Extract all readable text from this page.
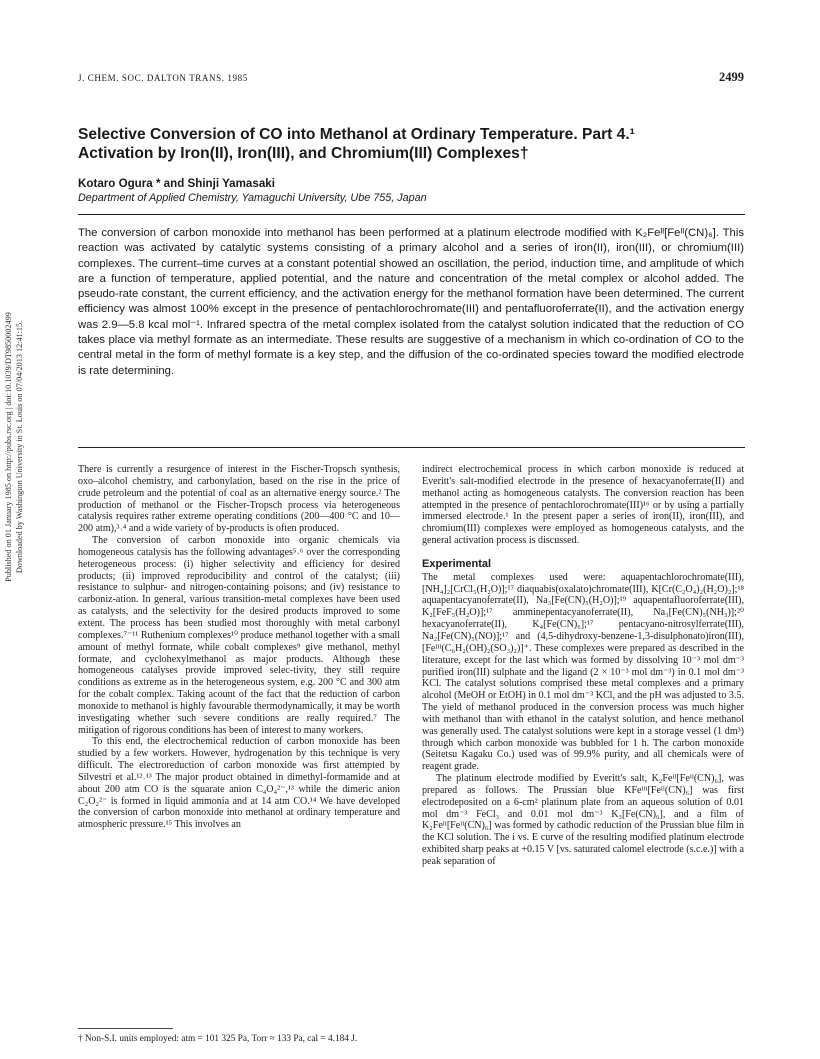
Published on 01 January 1985 on http://pubs.rsc.org | doi:10.1039/DT9850002499 Downloaded by Washington University in St. Louis on 07/04/2013 12:41:15.
J. CHEM. SOC. DALTON TRANS. 1985	2499
Selective Conversion of CO into Methanol at Ordinary Temperature. Part 4.¹
Activation by Iron(II), Iron(III), and Chromium(III) Complexes†
Kotaro Ogura * and Shinji Yamasaki
Department of Applied Chemistry, Yamaguchi University, Ube 755, Japan

The conversion of carbon monoxide into methanol has been performed at a platinum electrode modified with K₂Feᴵᴵ[Feᴵᴵ(CN)₆]. This reaction was activated by catalytic systems consisting of a primary alcohol and a series of iron(II), iron(III), or chromium(III) complexes. The current–time curves at a constant potential showed an oscillation, the period, induction time, and amplitude of which are a function of temperature, applied potential, and the nature and concentration of the metal complex or alcohol added. The pseudo-rate constant, the current efficiency, and the activation energy for the methanol formation have been determined. The current efficiency was almost 100% except in the presence of pentachlorochromate(III) and pentafluoroferrate(II), and the activation energy was 2.9—5.8 kcal mol⁻¹. Infrared spectra of the metal complex isolated from the catalyst solution indicated that the reduction of CO takes place via methyl formate as an intermediate. These results are suggestive of a mechanism in which co-ordination of CO to the central metal in the form of methyl formate is a key step, and the diffusion of the co-ordinated species toward the modified electrode is rate determining.

There is currently a resurgence of interest in the Fischer-Tropsch synthesis, oxo–alcohol chemistry, and carbonylation, based on the rise in the price of crude petroleum and the potential of coal as an alternative energy source.² The production of methanol or the Fischer-Tropsch process via heterogeneous catalysis requires rather extreme operating conditions (200—400 °C and 10—200 atm),³˒⁴ and a wide variety of by-products is often produced.

The conversion of carbon monoxide into organic chemicals via homogeneous catalysis has the following advantages⁵˒⁶ over the corresponding heterogeneous process: (i) higher selectivity and efficiency for desired products; (ii) improved reproducibility and control of the catalyst; (iii) resistance to sulphur- and nitrogen-containing poisons; and (iv) resistance to carboniz-ation. In general, various transition-metal complexes have been used as catalysts, and the selectivity for the desired products improved to some extent. The process has been studied most thoroughly with metal carbonyl complexes.⁷⁻¹¹ Ruthenium complexes¹⁰ produce methanol together with a small amount of methyl formate, while cobalt complexes⁹ give methanol, methyl formate, and cyclohexylmethanol as major products. Although these homogeneous catalyses provide improved selec-tivity, they still require conditions as extreme as in the heterogeneous system, e.g. 200 °C and 300 atm for the cobalt complex. Taking acount of the fact that the reduction of carbon monoxide to methanol is highly favourable thermodynamically, it may be worth investigating whether such severe conditions are really required.⁷ The mitigation of rigorous conditions has been of interest to many workers.

To this end, the electrochemical reduction of carbon monoxide has been studied by a few workers. However, hydrogenation by this technique is very difficult. The electroreduction of carbon monoxide was first attempted by Silvestri et al.¹²˒¹³ The major product obtained in dimethyl-formamide and at about 200 atm CO is the squarate anion C₄O₄²⁻,¹³ while the dimeric anion C₂O₂²⁻ is formed in liquid ammonia and at 14 atm CO.¹⁴ We have developed the conversion of carbon monoxide into methanol at ordinary temperature and atmospheric pressure.¹⁵ This involves an

indirect electrochemical process in which carbon monoxide is reduced at Everitt's salt-modified electrode in the presence of hexacyanoferrate(II) and methanol acting as homogeneous catalysts. The conversion reaction has been attempted in the presence of pentachlorochromate(III)¹⁶ or by using a partially immersed electrode.¹ In the present paper a series of iron(II), iron(III), and chromium(III) complexes were employed as homogeneous catalysts, and the general activation process is discussed.

Experimental

The metal complexes used were: aquapentachlorochromate(III), [NH₄]₂[CrCl₅(H₂O)];¹⁷ diaquabis(oxalato)chromate(III), K[Cr(C₂O₄)₂(H₂O)₂];¹⁸ aquapentacyanoferrate(II), Na₃[Fe(CN)₅(H₂O)];¹⁹ aquapentafluoroferrate(III), K₂[FeF₅(H₂O)];¹⁷ amminepentacyanoferrate(II), Na₃[Fe(CN)₅(NH₃)];²⁰ hexacyanoferrate(II), K₄[Fe(CN)₆];¹⁷ pentacyano-nitrosylferrate(III), Na₂[Fe(CN)₅(NO)];¹⁷ and (4,5-dihydroxy-benzene-1,3-disulphonato)iron(III), [Feᴵᴵᴵ(C₆H₂(OH)₂(SO₃)₂)]⁺. These complexes were prepared as described in the literature, except for the last which was formed by dissolving 10⁻³ mol dm⁻³ purified iron(III) sulphate and the ligand (2 × 10⁻³ mol dm⁻³) in 0.1 mol dm⁻³ KCl. The catalyst solutions comprised these metal complexes and a primary alcohol (MeOH or EtOH) in 0.1 mol dm⁻³ KCl, and the pH was adjusted to 3.5. The yield of methanol produced in the conversion process was much higher with methanol than with ethanol in the catalyst solution, and hence methanol was generally used. The catalyst solutions were kept in a storage vessel (1 dm³) through which carbon monoxide was bubbled for 1 h. The carbon monoxide (Seitetsu Kagaku Co.) used was of 99.9% purity, and all chemicals were of reagent grade.

The platinum electrode modified by Everitt's salt, K₂Feᴵᴵ[Feᴵᴵ(CN)₆], was prepared as follows. The Prussian blue KFeᴵᴵᴵ[Feᴵᴵ(CN)₆] was first electrodeposited on a 6-cm² platinum plate from an aqueous solution of 0.01 mol dm⁻³ FeCl₃ and 0.01 mol dm⁻³ K₃[Fe(CN)₆], and a film of K₂Feᴵᴵ[Feᴵᴵ(CN)₆] was formed by cathodic reduction of the Prussian blue film in the KCl solution. The i vs. E curve of the resulting modified platinum electrode exhibited sharp peaks at +0.15 V [vs. saturated calomel electrode (s.c.e.)] with a peak separation of

† Non-S.I. units employed: atm = 101 325 Pa, Torr ≈ 133 Pa, cal = 4.184 J.
